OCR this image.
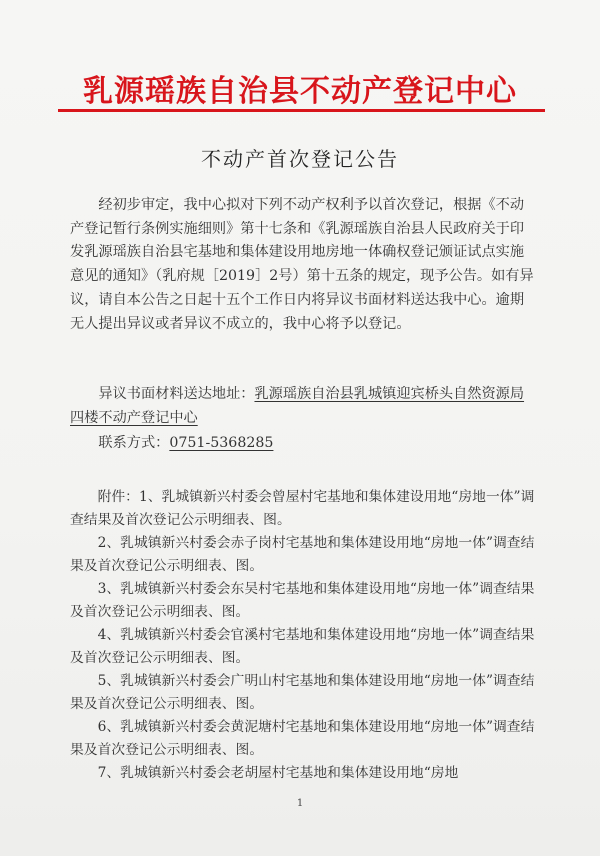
乳源瑶族自治县不动产登记中心
不动产首次登记公告
经初步审定，我中心拟对下列不动产权利予以首次登记，根据《不动产登记暂行条例实施细则》第十七条和《乳源瑶族自治县人民政府关于印发乳源瑶族自治县宅基地和集体建设用地房地一体确权登记颁证试点实施意见的通知》（乳府规［2019］2号）第十五条的规定，现予公告。如有异议，请自本公告之日起十五个工作日内将异议书面材料送达我中心。逾期无人提出异议或者异议不成立的，我中心将予以登记。
异议书面材料送达地址：乳源瑶族自治县乳城镇迎宾桥头自然资源局四楼不动产登记中心
联系方式：0751-5368285
附件：1、乳城镇新兴村委会曾屋村宅基地和集体建设用地“房地一体”调查结果及首次登记公示明细表、图。
2、乳城镇新兴村委会赤子岗村宅基地和集体建设用地“房地一体”调查结果及首次登记公示明细表、图。
3、乳城镇新兴村委会东吴村宅基地和集体建设用地“房地一体”调查结果及首次登记公示明细表、图。
4、乳城镇新兴村委会官溪村宅基地和集体建设用地“房地一体”调查结果及首次登记公示明细表、图。
5、乳城镇新兴村委会广明山村宅基地和集体建设用地“房地一体”调查结果及首次登记公示明细表、图。
6、乳城镇新兴村委会黄泥塘村宅基地和集体建设用地“房地一体”调查结果及首次登记公示明细表、图。
7、乳城镇新兴村委会老胡屋村宅基地和集体建设用地“房地
1
